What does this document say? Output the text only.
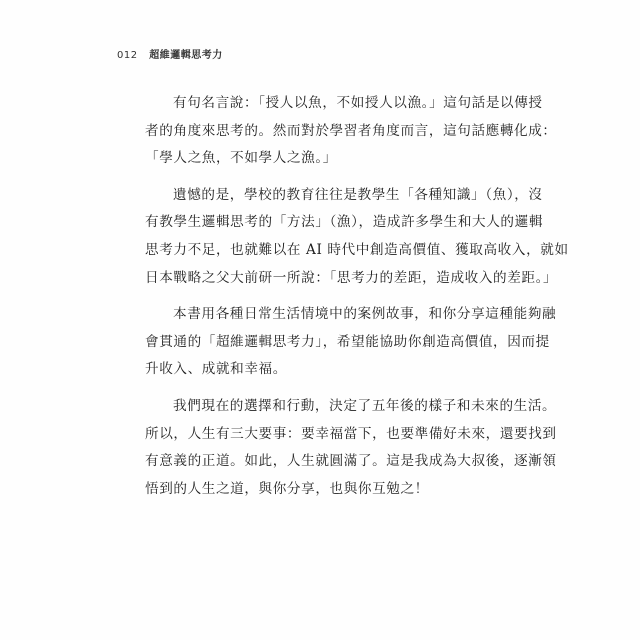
012 超維邏輯思考力

有句名言說：「授人以魚，不如授人以漁。」這句話是以傳授
者的角度來思考的。然而對於學習者角度而言，這句話應轉化成：
「學人之魚，不如學人之漁。」

遺憾的是，學校的教育往往是教學生「各種知識」（魚），沒
有教學生邏輯思考的「方法」（漁），造成許多學生和大人的邏輯
思考力不足，也就難以在 AI 時代中創造高價值、獲取高收入，就如
日本戰略之父大前研一所說：「思考力的差距，造成收入的差距。」

本書用各種日常生活情境中的案例故事，和你分享這種能夠融
會貫通的「超維邏輯思考力」，希望能協助你創造高價值，因而提
升收入、成就和幸福。

我們現在的選擇和行動，決定了五年後的樣子和未來的生活。
所以，人生有三大要事：要幸福當下，也要準備好未來，還要找到
有意義的正道。如此，人生就圓滿了。這是我成為大叔後，逐漸領
悟到的人生之道，與你分享，也與你互勉之！
